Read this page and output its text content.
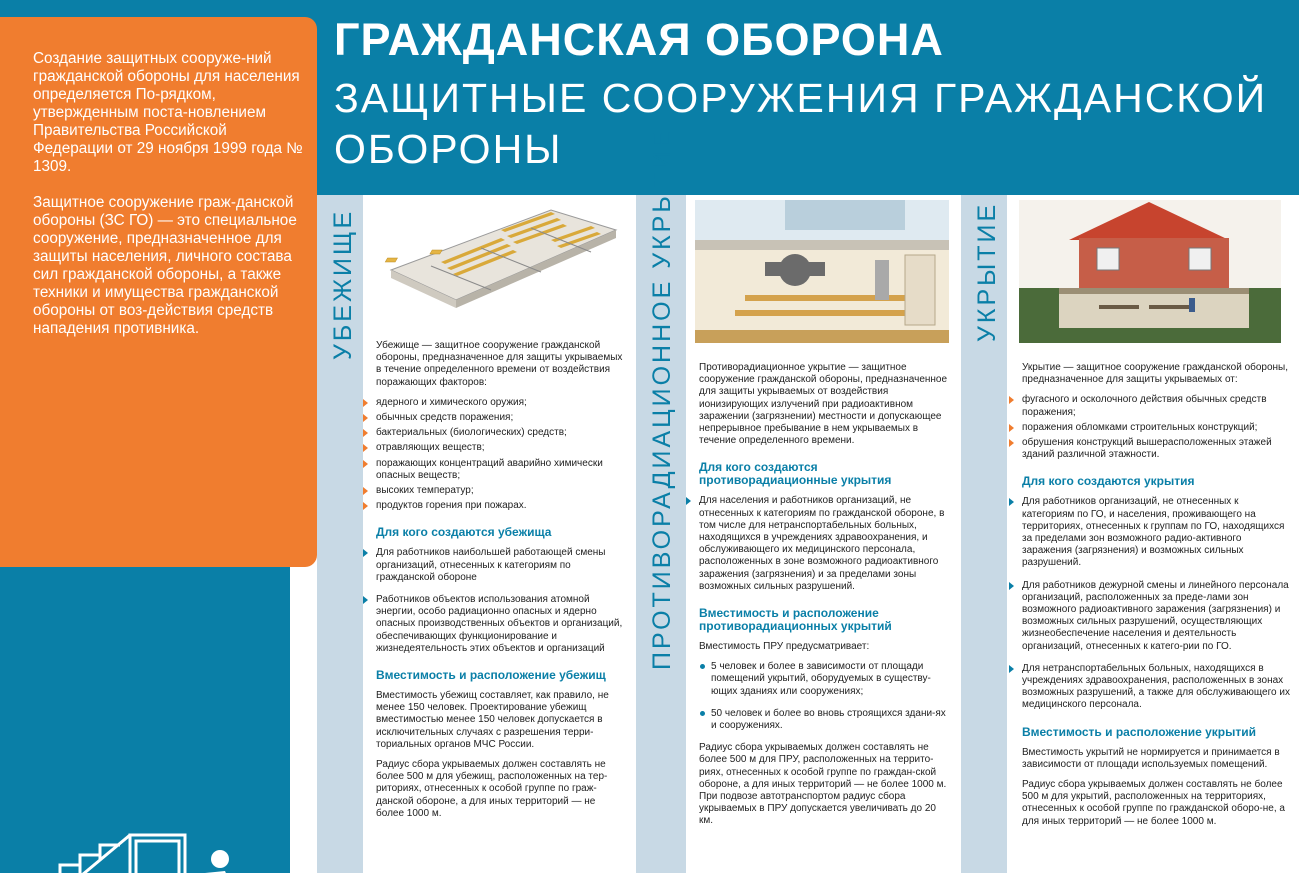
ГРАЖДАНСКАЯ ОБОРОНА
ЗАЩИТНЫЕ СООРУЖЕНИЯ ГРАЖДАНСКОЙ ОБОРОНЫ

Создание защитных сооруже-ний гражданской обороны для населения определяется По-рядком, утвержденным поста-новлением Правительства Российской Федерации от 29 ноября 1999 года № 1309.

Защитное сооружение граж-данской обороны (ЗС ГО) — это специальное сооружение, предназначенное для защиты населения, личного состава сил гражданской обороны, а также техники и имущества гражданской обороны от воз-действия средств нападения противника.	УБЕЖИЩЕ Убежище — защитное сооружение гражданской обороны, предназначенное для защиты укрываемых в течение определенного времени от воздействия поражающих факторов:

ядерного и химического оружия;
обычных средств поражения;
бактериальных (биологических) средств;
отравляющих веществ;
поражающих концентраций аварийно химически опасных веществ;
высоких температур;
продуктов горения при пожарах.
Для кого создаются убежища
Для работников наибольшей работающей смены организаций, отнесенных к категориям по гражданской обороне
Работников объектов использования атомной энергии, особо радиационно опасных и ядерно опасных производственных объектов и организаций, обеспечивающих функционирование и жизнедеятельность этих объектов и организаций
Вместимость и расположение убежищ

Вместимость убежищ составляет, как правило, не менее 150 человек. Проектирование убежищ вместимостью менее 150 человек допускается в исключительных случаях с разрешения терри-ториальных органов МЧС России.

Радиус сбора укрываемых должен составлять не более 500 м для убежищ, расположенных на тер-риториях, отнесенных к особой группе по граж-данской обороне, а для иных территорий — не более 1000 м.

ПРОТИВОРАДИАЦИОННОЕ УКРЫТИЕ Противорадиационное укрытие — защитное сооружение гражданской обороны, предназначенное для защиты укрываемых от воздействия ионизирующих излучений при радиоактивном заражении (загрязнении) местности и допускающее непрерывное пребывание в нем укрываемых в течение определенного времени.

Для кого создаются противорадиационные укрытия
Для населения и работников организаций, не отнесенных к категориям по гражданской обороне, в том числе для нетранспортабельных больных, находящихся в учреждениях здравоохранения, и обслуживающего их медицинского персонала, расположенных в зоне возможного радиоактивного заражения (загрязнения) и за пределами зоны возможных сильных разрушений.
Вместимость и расположение противорадиационных укрытий

Вместимость ПРУ предусматривает:

5 человек и более в зависимости от площади помещений укрытий, оборудуемых в существу-ющих зданиях или сооружениях;
50 человек и более во вновь строящихся здани-ях и сооружениях.

Радиус сбора укрываемых должен составлять не более 500 м для ПРУ, расположенных на террито-риях, отнесенных к особой группе по граждан-ской обороне, а для иных территорий — не более 1000 м. При подвозе автотранспортом радиус сбора укрываемых в ПРУ допускается увеличивать до 20 км.

УКРЫТИЕ

Укрытие — защитное сооружение гражданской обороны, предназначенное для защиты укрываемых от:

фугасного и осколочного действия обычных средств поражения;
поражения обломками строительных конструкций;
обрушения конструкций вышерасположенных этажей зданий различной этажности.
Для кого создаются укрытия
Для работников организаций, не отнесенных к категориям по ГО, и населения, проживающего на территориях, отнесенных к группам по ГО, находящихся за пределами зон возможного радио-активного заражения (загрязнения) и возможных сильных разрушений.
Для работников дежурной смены и линейного персонала организаций, расположенных за преде-лами зон возможного радиоактивного заражения (загрязнения) и возможных сильных разрушений, осуществляющих жизнеобеспечение населения и деятельность организаций, отнесенных к катего-рии по ГО.
Для нетранспортабельных больных, находящихся в учреждениях здравоохранения, расположенных в зонах возможных разрушений, а также для обслуживающего их медицинского персонала.
Вместимость и расположение укрытий

Вместимость укрытий не нормируется и принимается в зависимости от площади используемых помещений.

Радиус сбора укрываемых должен составлять не более 500 м для укрытий, расположенных на территориях, отнесенных к особой группе по гражданской оборо-не, а для иных территорий — не более 1000 м.
